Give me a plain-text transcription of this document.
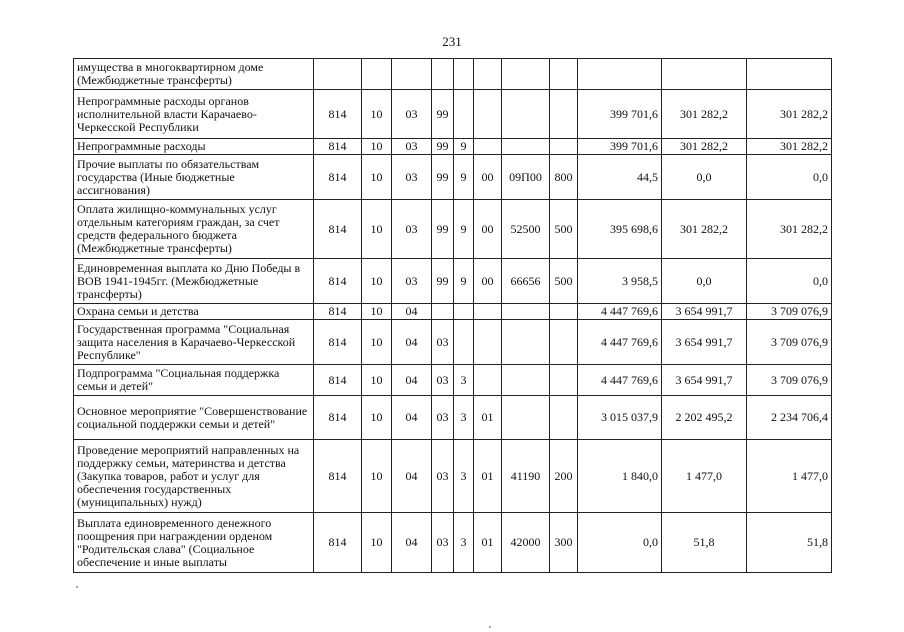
231
имущества в многоквартирном доме (Межбюджетные трансферты)											
Непрограммные расходы органов исполнительной власти Карачаево-Черкесской Республики	814	10	03	99					399 701,6	301 282,2	301 282,2
Непрограммные расходы	814	10	03	99	9				399 701,6	301 282,2	301 282,2
Прочие выплаты по обязательствам государства (Иные бюджетные ассигнования)	814	10	03	99	9	00	09П00	800	44,5	0,0	0,0
Оплата жилищно-коммунальных услуг отдельным категориям граждан, за счет средств федерального бюджета (Межбюджетные трансферты)	814	10	03	99	9	00	52500	500	395 698,6	301 282,2	301 282,2
Единовременная выплата ко Дню Победы в ВОВ 1941-1945гг. (Межбюджетные трансферты)	814	10	03	99	9	00	66656	500	3 958,5	0,0	0,0
Охрана семьи и детства	814	10	04						4 447 769,6	3 654 991,7	3 709 076,9
Государственная программа "Социальная защита населения в Карачаево-Черкесской Республике"	814	10	04	03					4 447 769,6	3 654 991,7	3 709 076,9
Подпрограмма "Социальная поддержка семьи и детей"	814	10	04	03	3				4 447 769,6	3 654 991,7	3 709 076,9
Основное мероприятие "Совершенствование социальной поддержки семьи и детей"	814	10	04	03	3	01			3 015 037,9	2 202 495,2	2 234 706,4
Проведение мероприятий направленных на поддержку семьи, материнства и детства (Закупка товаров, работ и услуг для обеспечения государственных (муниципальных) нужд)	814	10	04	03	3	01	41190	200	1 840,0	1 477,0	1 477,0
Выплата единовременного денежного поощрения при награждении орденом "Родительская слава" (Социальное обеспечение и иные выплаты	814	10	04	03	3	01	42000	300	0,0	51,8	51,8
